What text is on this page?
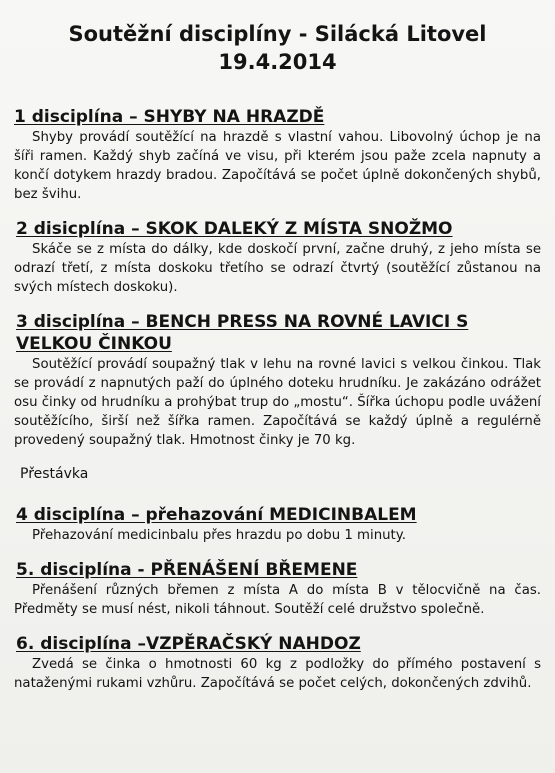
Soutěžní disciplíny - Silácká Litovel
19.4.2014

1 disciplína – SHYBY NA HRAZDĚ

Shyby provádí soutěžící na hrazdě s vlastní vahou. Libovolný úchop je na šíři ramen. Každý shyb začíná ve visu, při kterém jsou paže zcela napnuty a končí dotykem hrazdy bradou. Započítává se počet úplně dokončených shybů, bez švihu.

2 disicplína – SKOK DALEKÝ Z MÍSTA SNOŽMO

Skáče se z místa do dálky, kde doskočí první, začne druhý, z jeho místa se odrazí třetí, z místa doskoku třetího se odrazí čtvrtý (soutěžící zůstanou na svých místech doskoku).

3 disciplína – BENCH PRESS NA ROVNÉ LAVICI S VELKOU ČINKOU

Soutěžící provádí soupažný tlak v lehu na rovné lavici s velkou činkou. Tlak se provádí z napnutých paží do úplného doteku hrudníku. Je zakázáno odrážet osu činky od hrudníku a prohýbat trup do „mostu“. Šířka úchopu podle uvážení soutěžícího, širší než šířka ramen. Započítává se každý úplně a regulérně provedený soupažný tlak. Hmotnost činky je 70 kg.

Přestávka

4 disciplína – přehazování MEDICINBALEM

Přehazování medicinbalu přes hrazdu po dobu 1 minuty.

5. disciplína - PŘENÁŠENÍ BŘEMENE

Přenášení různých břemen z místa A do místa B v tělocvičně na čas. Předměty se musí nést, nikoli táhnout. Soutěží celé družstvo společně.

6. disciplína –VZPĚRAČSKÝ NAHDOZ

Zvedá se činka o hmotnosti 60 kg z podložky do přímého postavení s nataženými rukami vzhůru. Započítává se počet celých, dokončených zdvihů.
